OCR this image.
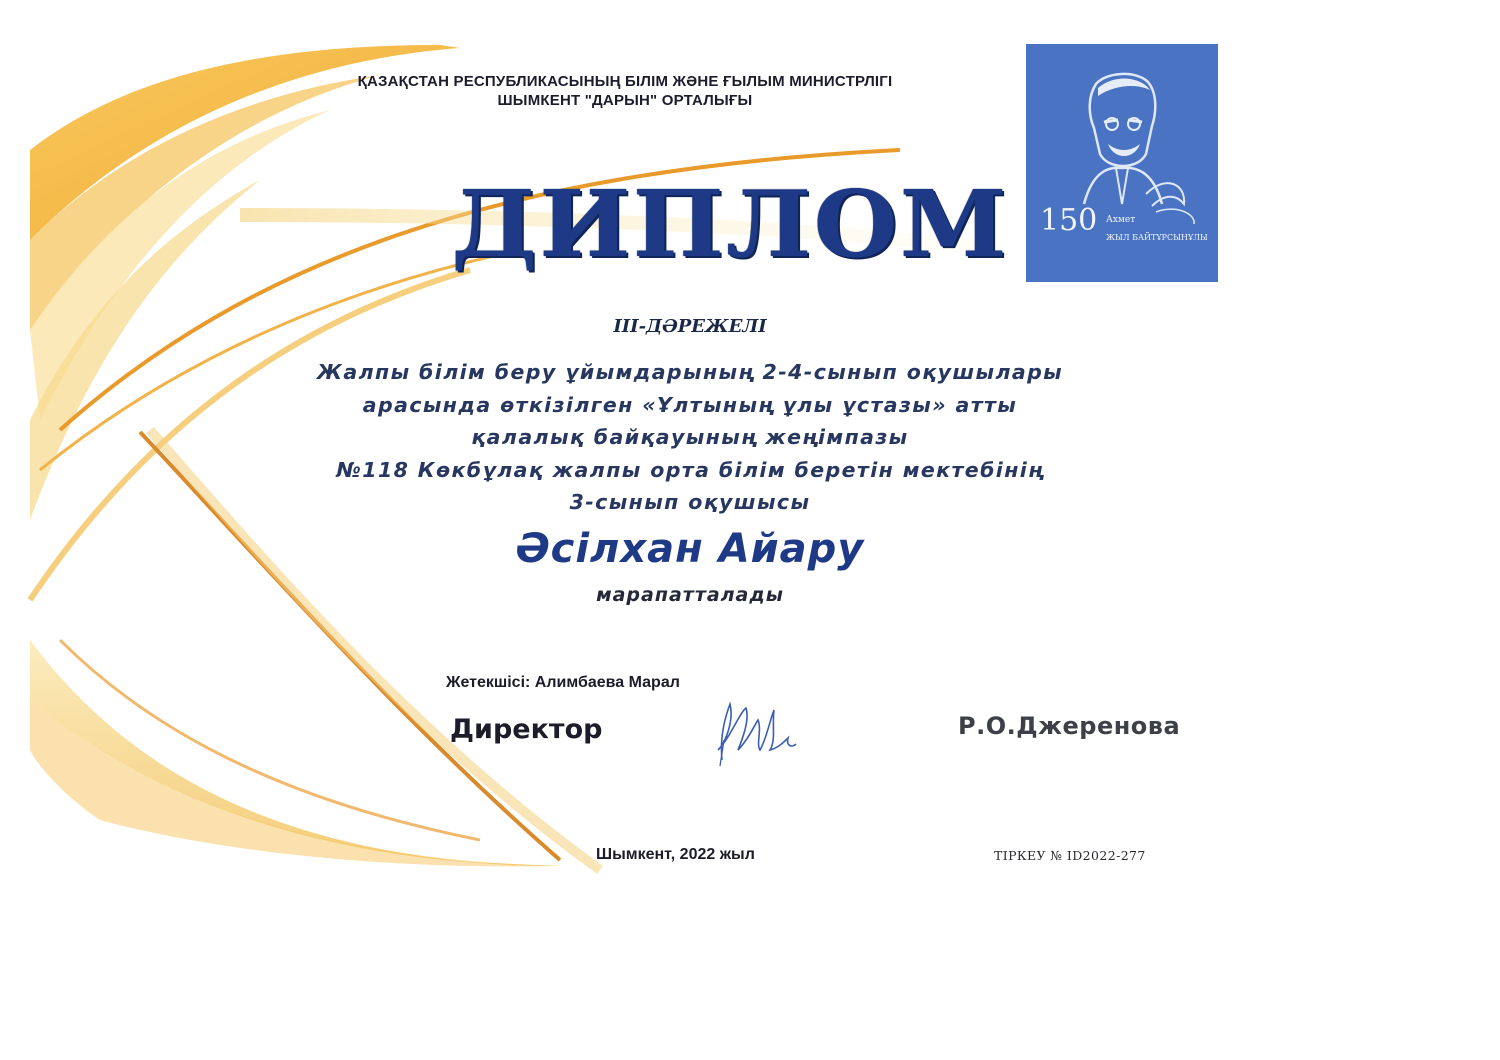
ҚАЗАҚСТАН РЕСПУБЛИКАСЫНЫҢ БІЛІМ ЖӘНЕ ҒЫЛЫМ МИНИСТРЛІГІ
ШЫМКЕНТ "ДАРЫН" ОРТАЛЫҒЫ
ДИПЛОМ	150 Ахмет
ЖЫЛ БАЙТҰРСЫНҰЛЫ
ІІІ-ДӘРЕЖЕЛІ
Жалпы білім беру ұйымдарының 2-4-сынып оқушылары
арасында өткізілген «Ұлтының ұлы ұстазы» атты
қалалық байқауының жеңімпазы
№118 Көкбұлақ жалпы орта білім беретін мектебінің
3-сынып оқушысы
Әсілхан Айару
марапатталады
Жетекшісі: Алимбаева Марал
Директор	Р.О.Джеренова
Шымкент, 2022 жыл	ТІРКЕУ № ID2022-277
